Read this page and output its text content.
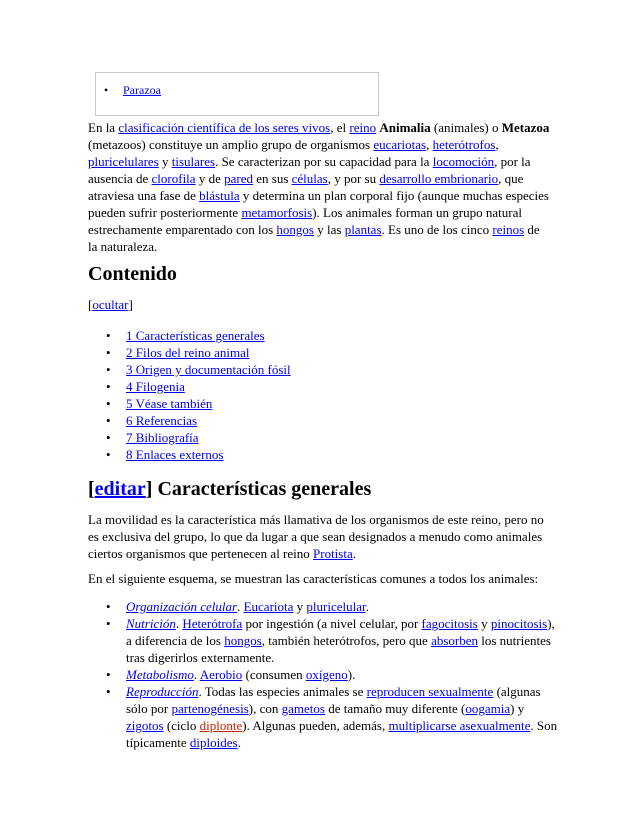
• Parazoa

En la clasificación científica de los seres vivos, el reino Animalia (animales) o Metazoa (metazoos) constituye un amplio grupo de organismos eucariotas, heterótrofos, pluricelulares y tisulares. Se caracterizan por su capacidad para la locomoción, por la ausencia de clorofila y de pared en sus células, y por su desarrollo embrionario, que atraviesa una fase de blástula y determina un plan corporal fijo (aunque muchas especies pueden sufrir posteriormente metamorfosis). Los animales forman un grupo natural estrechamente emparentado con los hongos y las plantas. Es uno de los cinco reinos de la naturaleza.

Contenido
[ocultar]
• 1 Características generales
• 2 Filos del reino animal
• 3 Origen y documentación fósil
• 4 Filogenia
• 5 Véase también
• 6 Referencias
• 7 Bibliografía
• 8 Enlaces externos
[editar] Características generales

La movilidad es la característica más llamativa de los organismos de este reino, pero no es exclusiva del grupo, lo que da lugar a que sean designados a menudo como animales ciertos organismos que pertenecen al reino Protista.

En el siguiente esquema, se muestran las características comunes a todos los animales:

• Organización celular. Eucariota y pluricelular.
• Nutrición. Heterótrofa por ingestión (a nivel celular, por fagocitosis y pinocitosis), a diferencia de los hongos, también heterótrofos, pero que absorben los nutrientes tras digerirlos externamente.
• Metabolismo. Aerobio (consumen oxígeno).
• Reproducción. Todas las especies animales se reproducen sexualmente (algunas sólo por partenogénesis), con gametos de tamaño muy diferente (oogamia) y zigotos (ciclo diplonte). Algunas pueden, además, multiplicarse asexualmente. Son típicamente diploides.
